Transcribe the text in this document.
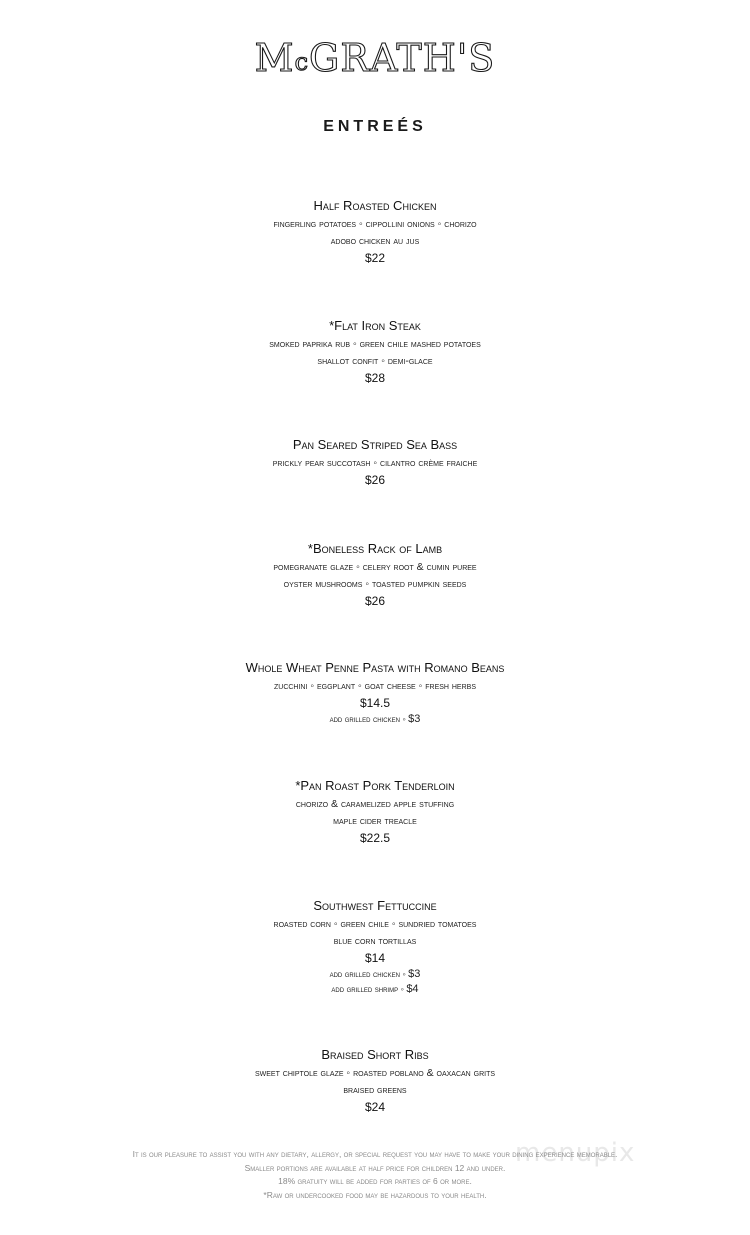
$M^cGRATH'S$
ENTREÉS
Half Roasted Chicken
fingerling potatoes ◦ cippollini onions ◦ chorizo
adobo chicken au jus
$22
*Flat Iron Steak
smoked paprika rub ◦ green chile mashed potatoes
shallot confit ◦ demi-glace
$28
Pan Seared Striped Sea Bass
prickly pear succotash ◦ cilantro crème fraiche
$26
*Boneless Rack of Lamb
pomegranate glaze ◦ celery root & cumin puree
oyster mushrooms ◦ toasted pumpkin seeds
$26
Whole Wheat Penne Pasta with Romano Beans
zucchini ◦ eggplant ◦ goat cheese ◦ fresh herbs
$14.5
add grilled chicken ◦ $3
*Pan Roast Pork Tenderloin
chorizo & caramelized apple stuffing
maple cider treacle
$22.5
Southwest Fettuccine
roasted corn ◦ green chile ◦ sundried tomatoes
blue corn tortillas
$14
add grilled chicken ◦ $3
add grilled shrimp ◦ $4
Braised Short Ribs
sweet chiptole glaze ◦ roasted poblano & oaxacan grits
braised greens
$24
menupix
It is our pleasure to assist you with any dietary, allergy, or special request you may have to make your dining experience memorable.
Smaller portions are available at half price for children 12 and under.
18% gratuity will be added for parties of 6 or more.
*Raw or undercooked food may be hazardous to your health.
